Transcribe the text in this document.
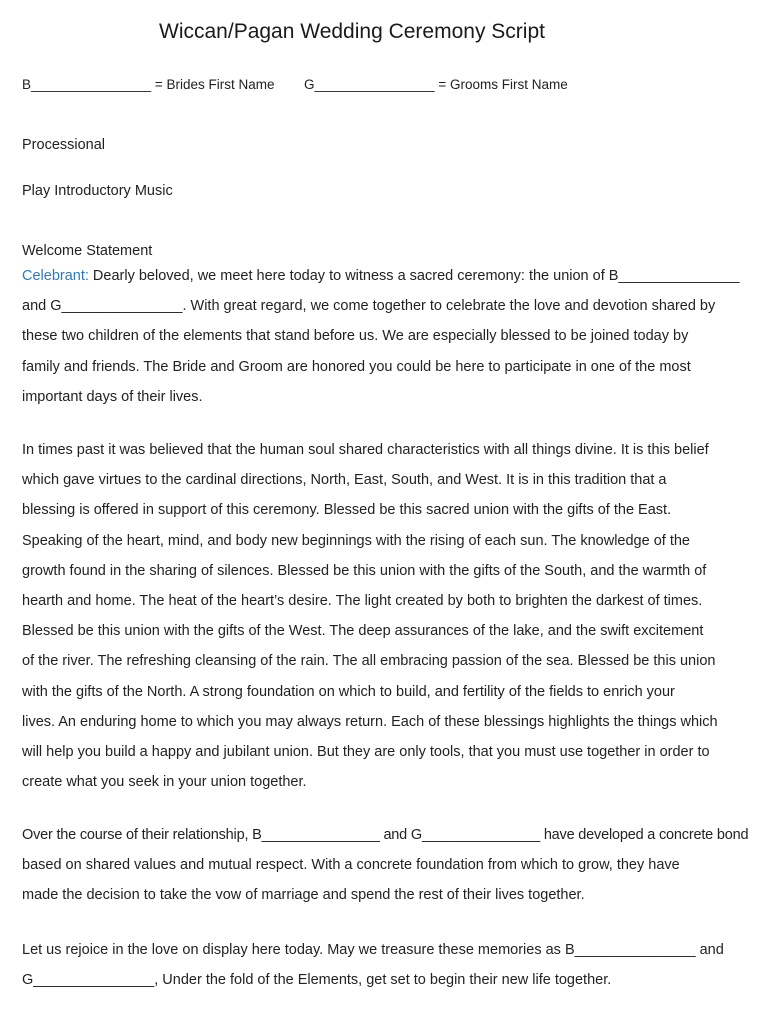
Wiccan/Pagan Wedding Ceremony Script
B________________ = Brides First Name G________________ = Grooms First Name
Processional
Play Introductory Music
Welcome Statement
Celebrant: Dearly beloved, we meet here today to witness a sacred ceremony: the union of B_______________
and G_______________. With great regard, we come together to celebrate the love and devotion shared by
these two children of the elements that stand before us. We are especially blessed to be joined today by
family and friends. The Bride and Groom are honored you could be here to participate in one of the most
important days of their lives.
In times past it was believed that the human soul shared characteristics with all things divine. It is this belief
which gave virtues to the cardinal directions, North, East, South, and West. It is in this tradition that a
blessing is offered in support of this ceremony. Blessed be this sacred union with the gifts of the East.
Speaking of the heart, mind, and body new beginnings with the rising of each sun. The knowledge of the
growth found in the sharing of silences. Blessed be this union with the gifts of the South, and the warmth of
hearth and home. The heat of the heart’s desire. The light created by both to brighten the darkest of times.
Blessed be this union with the gifts of the West. The deep assurances of the lake, and the swift excitement
of the river. The refreshing cleansing of the rain. The all embracing passion of the sea. Blessed be this union
with the gifts of the North. A strong foundation on which to build, and fertility of the fields to enrich your
lives. An enduring home to which you may always return. Each of these blessings highlights the things which
will help you build a happy and jubilant union. But they are only tools, that you must use together in order to
create what you seek in your union together.
Over the course of their relationship, B_______________ and G_______________ have developed a concrete bond
based on shared values and mutual respect. With a concrete foundation from which to grow, they have
made the decision to take the vow of marriage and spend the rest of their lives together.
Let us rejoice in the love on display here today. May we treasure these memories as B_______________ and
G_______________, Under the fold of the Elements, get set to begin their new life together.
